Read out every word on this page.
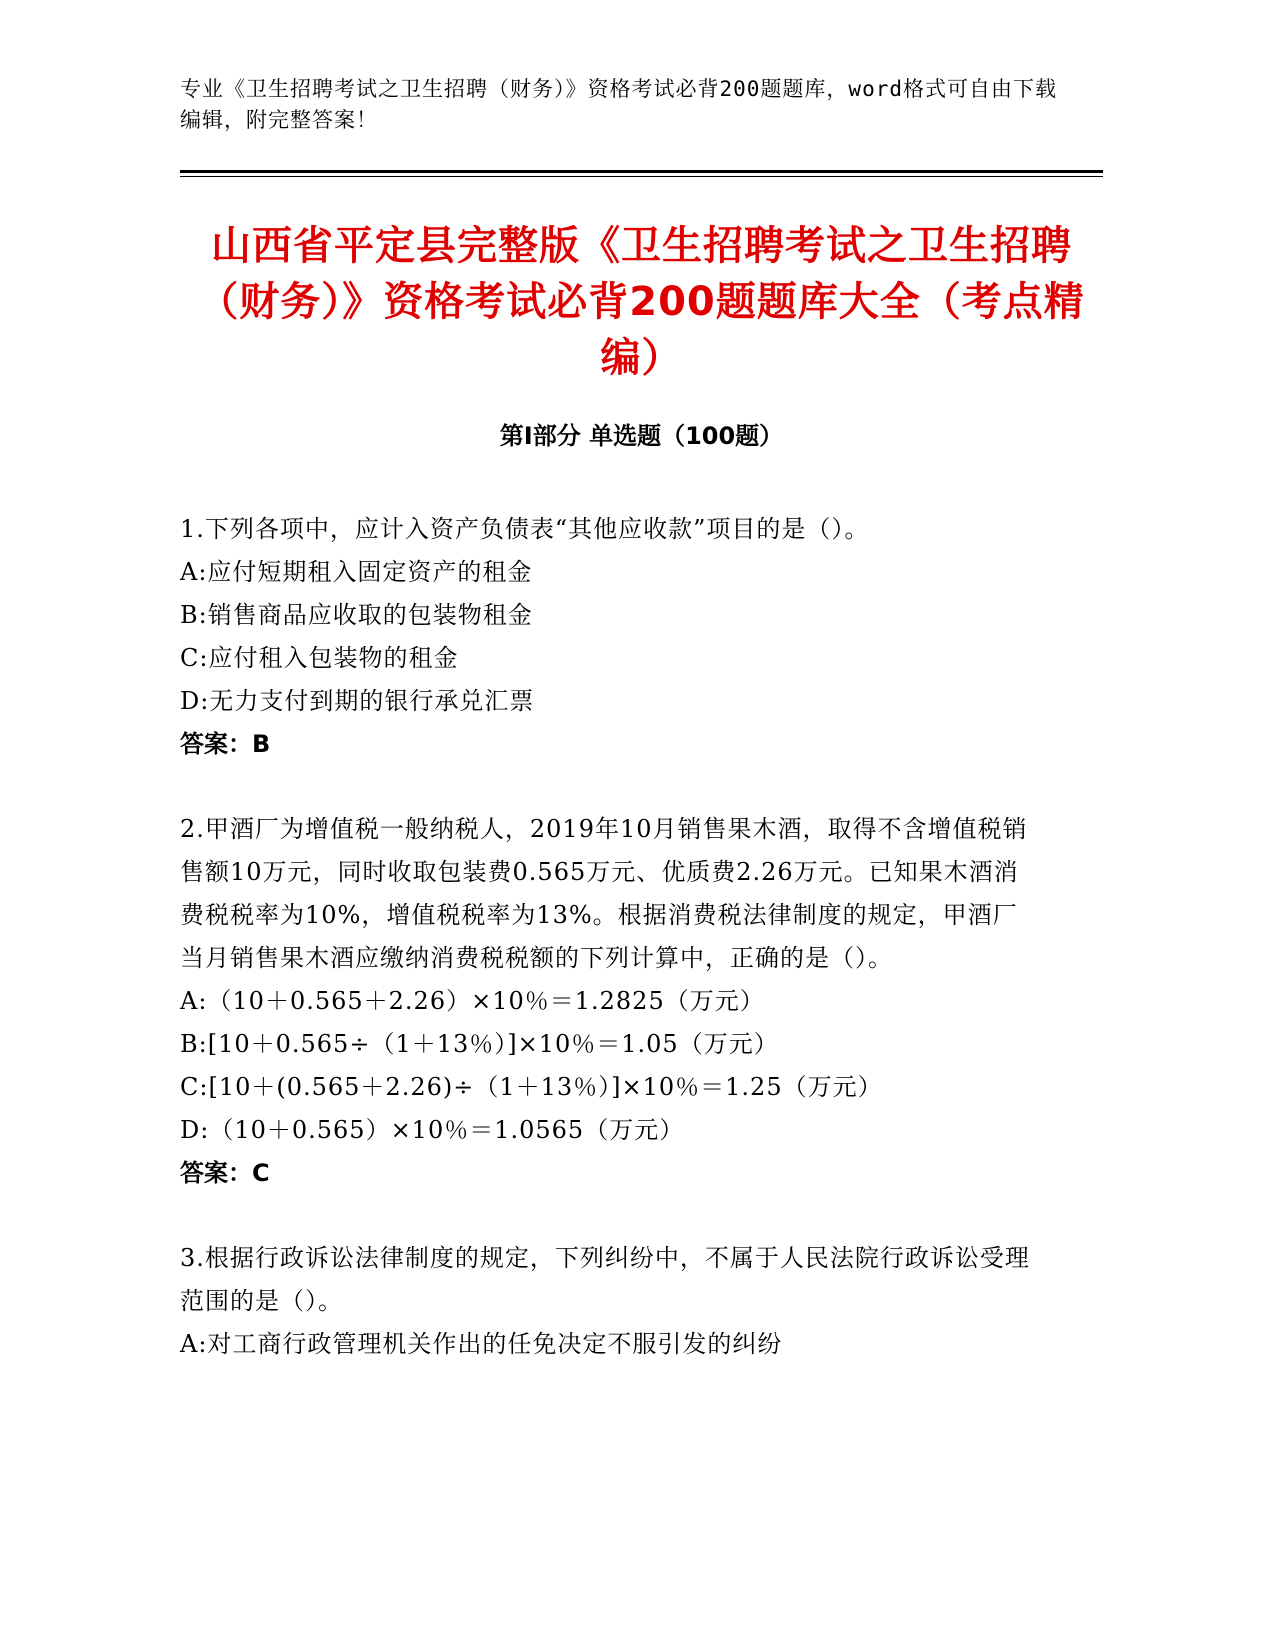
专业《卫生招聘考试之卫生招聘（财务）》资格考试必背200题题库，word格式可自由下载编辑，附完整答案！
山西省平定县完整版《卫生招聘考试之卫生招聘（财务）》资格考试必背200题题库大全（考点精编）
第I部分 单选题（100题）

1.下列各项中，应计入资产负债表“其他应收款”项目的是（）。

A:应付短期租入固定资产的租金

B:销售商品应收取的包装物租金

C:应付租入包装物的租金

D:无力支付到期的银行承兑汇票

答案：B

2.甲酒厂为增值税一般纳税人，2019年10月销售果木酒，取得不含增值税销售额10万元，同时收取包装费0.565万元、优质费2.26万元。已知果木酒消费税税率为10%，增值税税率为13%。根据消费税法律制度的规定，甲酒厂当月销售果木酒应缴纳消费税税额的下列计算中，正确的是（）。

A:（10＋0.565＋2.26）×10％＝1.2825（万元）

B:[10＋0.565÷（1＋13％）]×10％＝1.05（万元）

C:[10＋(0.565＋2.26)÷（1＋13％）]×10％＝1.25（万元）

D:（10＋0.565）×10％＝1.0565（万元）

答案：C

3.根据行政诉讼法律制度的规定，下列纠纷中，不属于人民法院行政诉讼受理范围的是（）。

A:对工商行政管理机关作出的任免决定不服引发的纠纷
